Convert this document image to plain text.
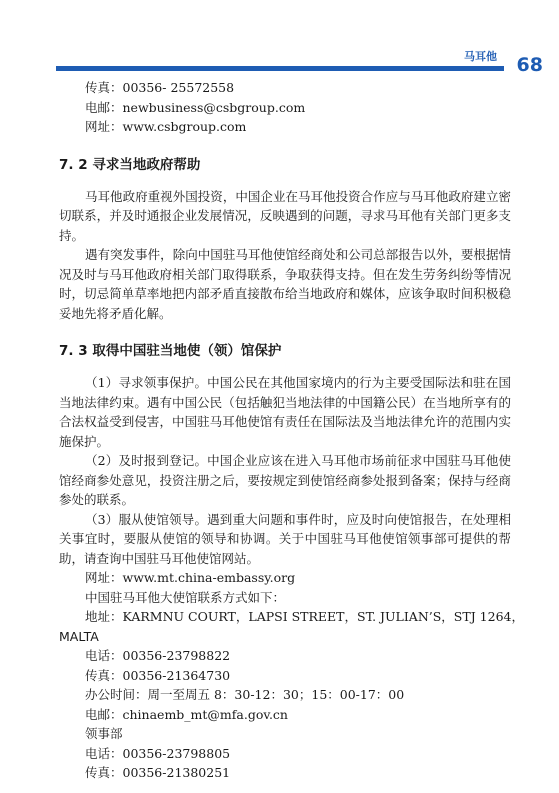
马耳他 68
传真：00356- 25572558
电邮：newbusiness@csbgroup.com
网址：www.csbgroup.com
7. 2 寻求当地政府帮助
马耳他政府重视外国投资，中国企业在马耳他投资合作应与马耳他政府建立密切联系，并及时通报企业发展情况，反映遇到的问题，寻求马耳他有关部门更多支持。
遇有突发事件，除向中国驻马耳他使馆经商处和公司总部报告以外，要根据情况及时与马耳他政府相关部门取得联系，争取获得支持。但在发生劳务纠纷等情况时，切忌简单草率地把内部矛盾直接散布给当地政府和媒体，应该争取时间积极稳妥地先将矛盾化解。
7. 3 取得中国驻当地使（领）馆保护
（1）寻求领事保护。中国公民在其他国家境内的行为主要受国际法和驻在国当地法律约束。遇有中国公民（包括触犯当地法律的中国籍公民）在当地所享有的合法权益受到侵害，中国驻马耳他使馆有责任在国际法及当地法律允许的范围内实施保护。
（2）及时报到登记。中国企业应该在进入马耳他市场前征求中国驻马耳他使馆经商参处意见，投资注册之后，要按规定到使馆经商参处报到备案；保持与经商参处的联系。
（3）服从使馆领导。遇到重大问题和事件时，应及时向使馆报告，在处理相关事宜时，要服从使馆的领导和协调。关于中国驻马耳他使馆领事部可提供的帮助，请查询中国驻马耳他使馆网站。
网址：www.mt.china-embassy.org
中国驻马耳他大使馆联系方式如下：
地址：KARMNU COURT，LAPSI STREET，ST. JULIAN’S，STJ 1264，
MALTA
电话：00356-23798822
传真：00356-21364730
办公时间：周一至周五 8：30-12：30；15：00-17：00
电邮：chinaemb_mt@mfa.gov.cn
领事部
电话：00356-23798805
传真：00356-21380251
